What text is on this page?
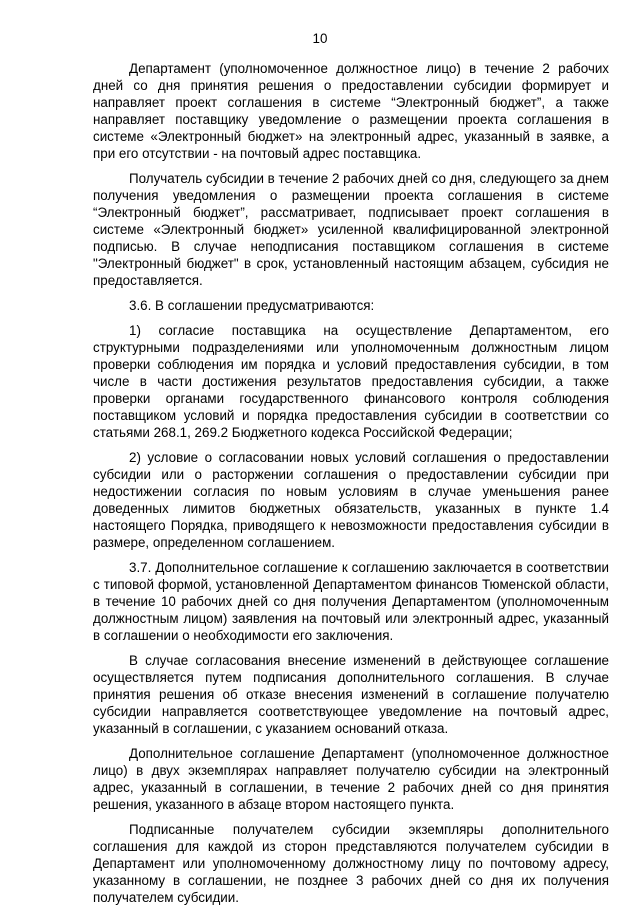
10

Департамент (уполномоченное должностное лицо) в течение 2 рабочих дней со дня принятия решения о предоставлении субсидии формирует и направляет проект соглашения в системе “Электронный бюджет”, а также направляет поставщику уведомление о размещении проекта соглашения в системе «Электронный бюджет» на электронный адрес, указанный в заявке, а при его отсутствии - на почтовый адрес поставщика.

Получатель субсидии в течение 2 рабочих дней со дня, следующего за днем получения уведомления о размещении проекта соглашения в системе “Электронный бюджет”, рассматривает, подписывает проект соглашения в системе «Электронный бюджет» усиленной квалифицированной электронной подписью. В случае неподписания поставщиком соглашения в системе "Электронный бюджет" в срок, установленный настоящим абзацем, субсидия не предоставляется.

3.6. В соглашении предусматриваются:

1) согласие поставщика на осуществление Департаментом, его структурными подразделениями или уполномоченным должностным лицом проверки соблюдения им порядка и условий предоставления субсидии, в том числе в части достижения результатов предоставления субсидии, а также проверки органами государственного финансового контроля соблюдения поставщиком условий и порядка предоставления субсидии в соответствии со статьями 268.1, 269.2 Бюджетного кодекса Российской Федерации;

2) условие о согласовании новых условий соглашения о предоставлении субсидии или о расторжении соглашения о предоставлении субсидии при недостижении согласия по новым условиям в случае уменьшения ранее доведенных лимитов бюджетных обязательств, указанных в пункте 1.4 настоящего Порядка, приводящего к невозможности предоставления субсидии в размере, определенном соглашением.

3.7. Дополнительное соглашение к соглашению заключается в соответствии с типовой формой, установленной Департаментом финансов Тюменской области, в течение 10 рабочих дней со дня получения Департаментом (уполномоченным должностным лицом) заявления на почтовый или электронный адрес, указанный в соглашении о необходимости его заключения.

В случае согласования внесение изменений в действующее соглашение осуществляется путем подписания дополнительного соглашения. В случае принятия решения об отказе внесения изменений в соглашение получателю субсидии направляется соответствующее уведомление на почтовый адрес, указанный в соглашении, с указанием оснований отказа.

Дополнительное соглашение Департамент (уполномоченное должностное лицо) в двух экземплярах направляет получателю субсидии на электронный адрес, указанный в соглашении, в течение 2 рабочих дней со дня принятия решения, указанного в абзаце втором настоящего пункта.

Подписанные получателем субсидии экземпляры дополнительного соглашения для каждой из сторон представляются получателем субсидии в Департамент или уполномоченному должностному лицу по почтовому адресу, указанному в соглашении, не позднее 3 рабочих дней со дня их получения получателем субсидии.
